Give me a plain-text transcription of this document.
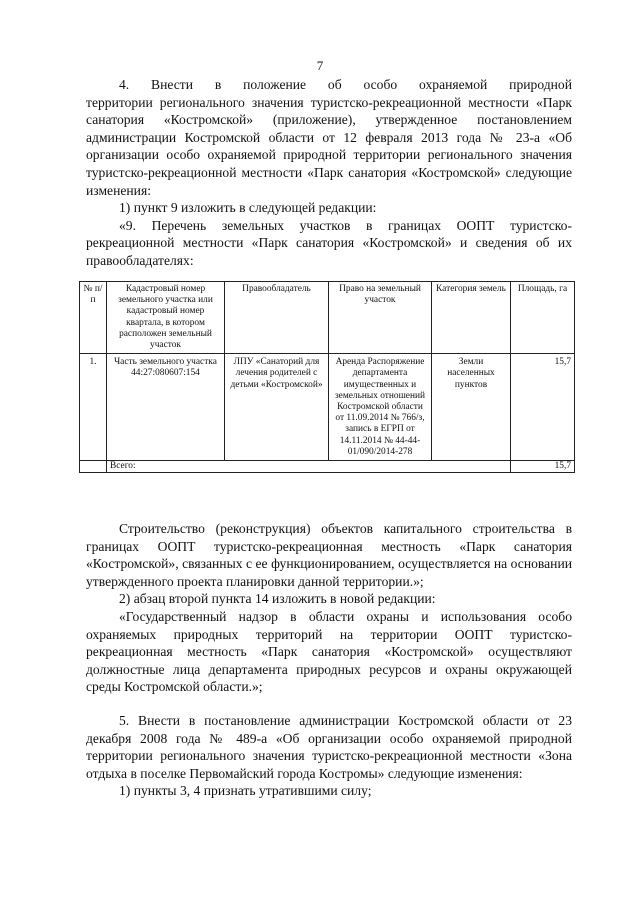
7

4. Внести в положение об особо охраняемой природной

территории регионального значения туристско-рекреационной местности «Парк санатория «Костромской» (приложение), утвержденное постановлением администрации Костромской области от 12 февраля 2013 года № 23-а «Об организации особо охраняемой природной территории регионального значения туристско-рекреационной местности «Парк санатория «Костромской» следующие изменения:

1) пункт 9 изложить в следующей редакции:

«9. Перечень земельных участков в границах ООПТ туристско- рекреационной местности «Парк санатория «Костромской» и сведения об их правообладателях:

№ п/п	Кадастровый номер земельного участка или кадастровый номер квартала, в котором расположен земельный участок	Правообладатель	Право на земельный участок	Категория земель	Площадь, га
1.	Часть земельного участка 44:27:080607:154	ЛПУ «Санаторий для лечения родителей с детьми «Костромской»	Аренда Распоряжение департамента имущественных и земельных отношений Костромской области от 11.09.2014 № 766/з, запись в ЕГРП от 14.11.2014 № 44-44-01/090/2014-278	Земли населенных пунктов	15,7
	Всего:				15,7

Строительство (реконструкция) объектов капитального строительства в границах ООПТ туристско-рекреационная местность «Парк санатория «Костромской», связанных с ее функционированием, осуществляется на основании утвержденного проекта планировки данной территории.»;

2) абзац второй пункта 14 изложить в новой редакции:

«Государственный надзор в области охраны и использования особо охраняемых природных территорий на территории ООПТ туристско- рекреационная местность «Парк санатория «Костромской» осуществляют должностные лица департамента природных ресурсов и охраны окружающей среды Костромской области.»;

5. Внести в постановление администрации Костромской области от 23 декабря 2008 года № 489-а «Об организации особо охраняемой природной территории регионального значения туристско-рекреационной местности «Зона отдыха в поселке Первомайский города Костромы» следующие изменения:

1) пункты 3, 4 признать утратившими силу;
